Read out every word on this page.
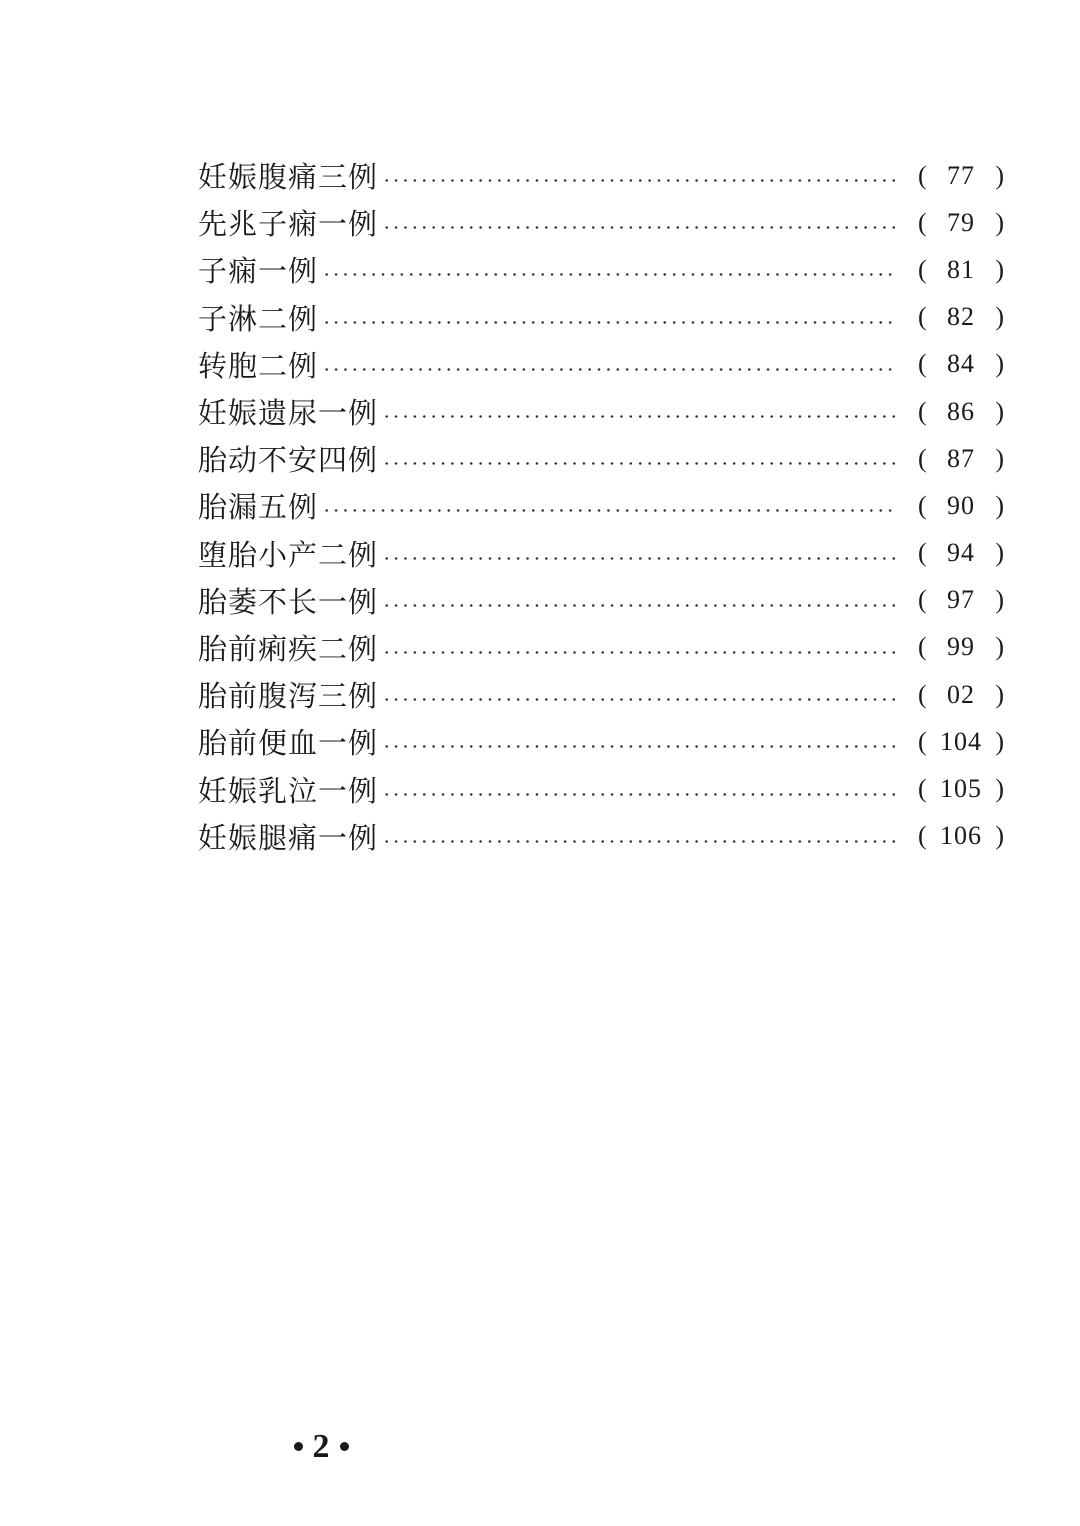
妊娠腹痛三例	( 77 )
先兆子痫一例	( 79 )
子痫一例	( 81 )
子淋二例	( 82 )
转胞二例	( 84 )
妊娠遗尿一例	( 86 )
胎动不安四例	( 87 )
胎漏五例	( 90 )
堕胎小产二例	( 94 )
胎萎不长一例	( 97 )
胎前痢疾二例	( 99 )
胎前腹泻三例	( 02 )
胎前便血一例	( 104 )
妊娠乳泣一例	( 105 )
妊娠腿痛一例	( 106 )
2
